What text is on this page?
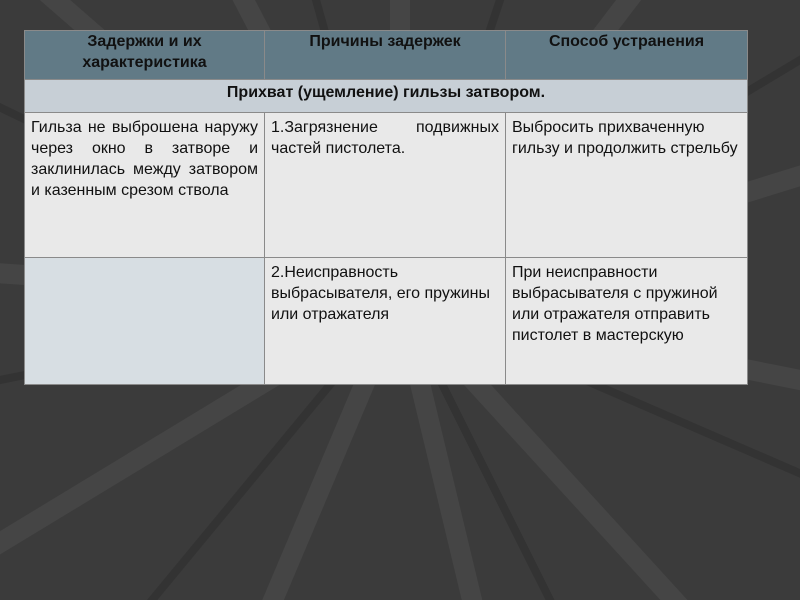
Задержки и их характеристика	Причины задержек	Способ устранения
Прихват (ущемление) гильзы затвором.		
Гильза не выброшена наружу через окно в затворе и заклинилась между затвором и казенным срезом ствола	1.Загрязнение подвижных частей пистолета.	Выбросить прихваченную гильзу и продолжить стрельбу
	2.Неисправность выбрасывателя, его пружины или отражателя	При неисправности выбрасывателя с пружиной или отражателя отправить пистолет в мастерскую
